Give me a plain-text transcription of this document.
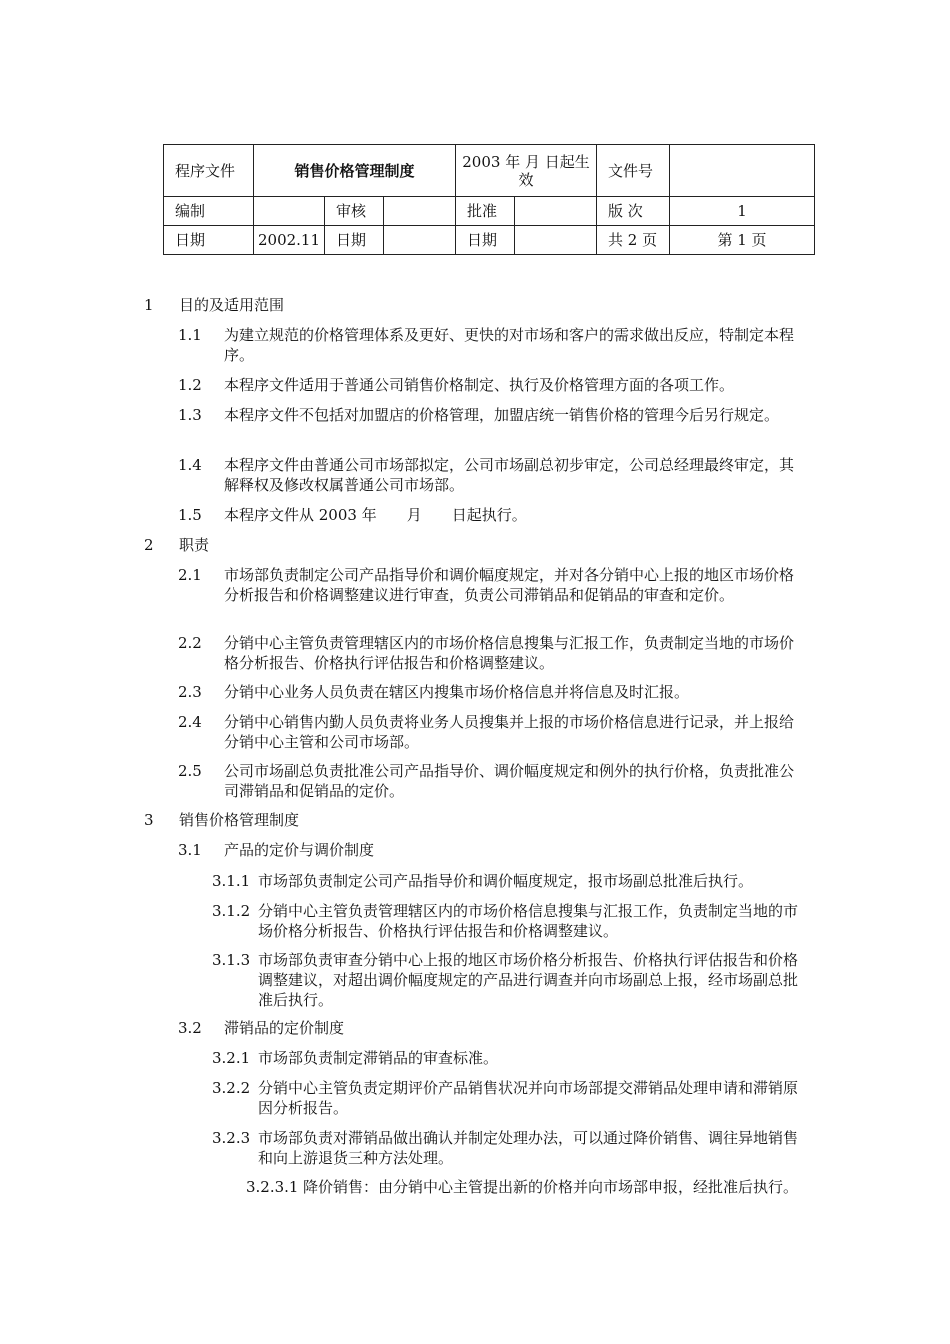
程序文件	销售价格管理制度			2003 年 月 日起生效		文件号	
编制		审核		批准		版 次	1
日期	2002.11	日期		日期		共 2 页	第 1 页
1 目的及适用范围
1.1 为建立规范的价格管理体系及更好、更快的对市场和客户的需求做出反应，特制定本程序。
1.2 本程序文件适用于普通公司销售价格制定、执行及价格管理方面的各项工作。
1.3 本程序文件不包括对加盟店的价格管理，加盟店统一销售价格的管理今后另行规定。
1.4 本程序文件由普通公司市场部拟定，公司市场副总初步审定，公司总经理最终审定，其解释权及修改权属普通公司市场部。
1.5 本程序文件从 2003 年　　月　　日起执行。
2 职责
2.1 市场部负责制定公司产品指导价和调价幅度规定，并对各分销中心上报的地区市场价格分析报告和价格调整建议进行审查，负责公司滞销品和促销品的审查和定价。
2.2 分销中心主管负责管理辖区内的市场价格信息搜集与汇报工作，负责制定当地的市场价格分析报告、价格执行评估报告和价格调整建议。
2.3 分销中心业务人员负责在辖区内搜集市场价格信息并将信息及时汇报。
2.4 分销中心销售内勤人员负责将业务人员搜集并上报的市场价格信息进行记录，并上报给分销中心主管和公司市场部。
2.5 公司市场副总负责批准公司产品指导价、调价幅度规定和例外的执行价格，负责批准公司滞销品和促销品的定价。
3 销售价格管理制度
3.1 产品的定价与调价制度
3.1.1 市场部负责制定公司产品指导价和调价幅度规定，报市场副总批准后执行。
3.1.2 分销中心主管负责管理辖区内的市场价格信息搜集与汇报工作，负责制定当地的市场价格分析报告、价格执行评估报告和价格调整建议。
3.1.3 市场部负责审查分销中心上报的地区市场价格分析报告、价格执行评估报告和价格调整建议，对超出调价幅度规定的产品进行调查并向市场副总上报，经市场副总批准后执行。
3.2 滞销品的定价制度
3.2.1 市场部负责制定滞销品的审查标准。
3.2.2 分销中心主管负责定期评价产品销售状况并向市场部提交滞销品处理申请和滞销原因分析报告。
3.2.3 市场部负责对滞销品做出确认并制定处理办法，可以通过降价销售、调往异地销售和向上游退货三种方法处理。
3.2.3.1 降价销售：由分销中心主管提出新的价格并向市场部申报，经批准后执行。
